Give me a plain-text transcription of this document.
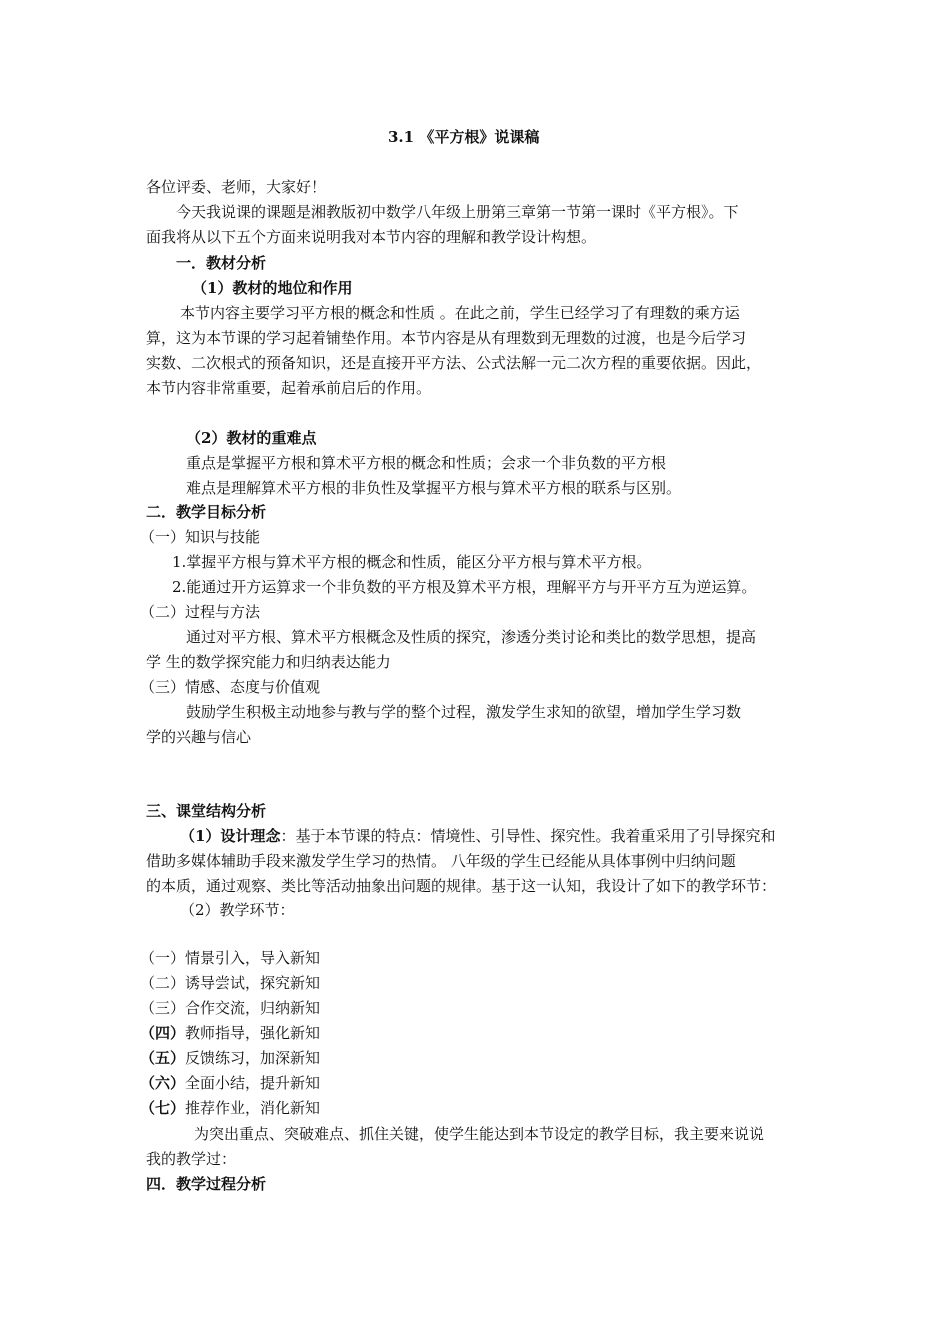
3.1 《平方根》说课稿
各位评委、老师，大家好！
今天我说课的课题是湘教版初中数学八年级上册第三章第一节第一课时《平方根》。下
面我将从以下五个方面来说明我对本节内容的理解和教学设计构想。
一．教材分析
（1）教材的地位和作用
本节内容主要学习平方根的概念和性质 。在此之前，学生已经学习了有理数的乘方运
算，这为本节课的学习起着铺垫作用。本节内容是从有理数到无理数的过渡，也是今后学习
实数、二次根式的预备知识，还是直接开平方法、公式法解一元二次方程的重要依据。因此，
本节内容非常重要，起着承前启后的作用。
（2）教材的重难点
重点是掌握平方根和算术平方根的概念和性质；会求一个非负数的平方根
难点是理解算术平方根的非负性及掌握平方根与算术平方根的联系与区别。
二．教学目标分析
（一）知识与技能
1.掌握平方根与算术平方根的概念和性质，能区分平方根与算术平方根。
2.能通过开方运算求一个非负数的平方根及算术平方根，理解平方与开平方互为逆运算。
（二）过程与方法
通过对平方根、算术平方根概念及性质的探究，渗透分类讨论和类比的数学思想，提高
学 生的数学探究能力和归纳表达能力
（三）情感、态度与价值观
鼓励学生积极主动地参与教与学的整个过程，激发学生求知的欲望，增加学生学习数
学的兴趣与信心
三、课堂结构分析
（1）设计理念：基于本节课的特点：情境性、引导性、探究性。我着重采用了引导探究和
借助多媒体辅助手段来激发学生学习的热情。 八年级的学生已经能从具体事例中归纳问题
的本质，通过观察、类比等活动抽象出问题的规律。基于这一认知，我设计了如下的教学环节：
（2）教学环节：
（一）情景引入，导入新知
（二）诱导尝试，探究新知
（三）合作交流，归纳新知
（四）教师指导，强化新知
（五）反馈练习，加深新知
（六）全面小结，提升新知
（七）推荐作业，消化新知
为突出重点、突破难点、抓住关键，使学生能达到本节设定的教学目标，我主要来说说
我的教学过：
四．教学过程分析
